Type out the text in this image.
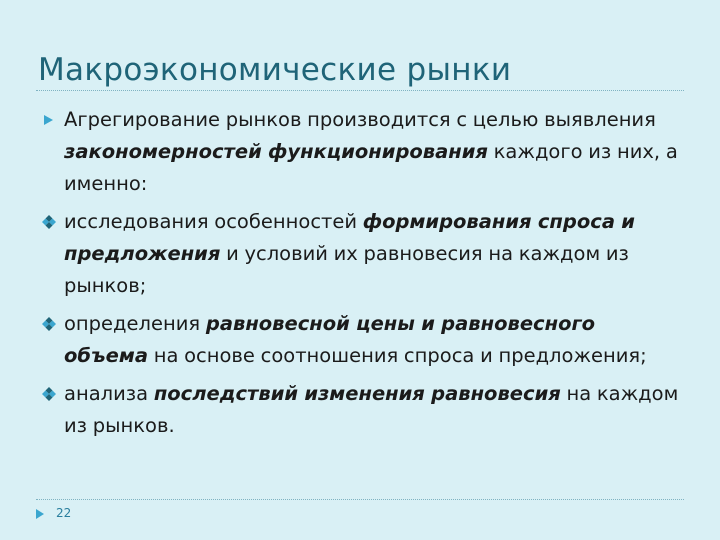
Макроэкономические рынки
Агрегирование рынков производится с целью выявления закономерностей функционирования каждого из них, а именно:
исследования особенностей формирования спроса и предложения и условий их равновесия на каждом из рынков;
определения равновесной цены и равновесного объема на основе соотношения спроса и предложения;
анализа последствий изменения равновесия на каждом из рынков.
22
